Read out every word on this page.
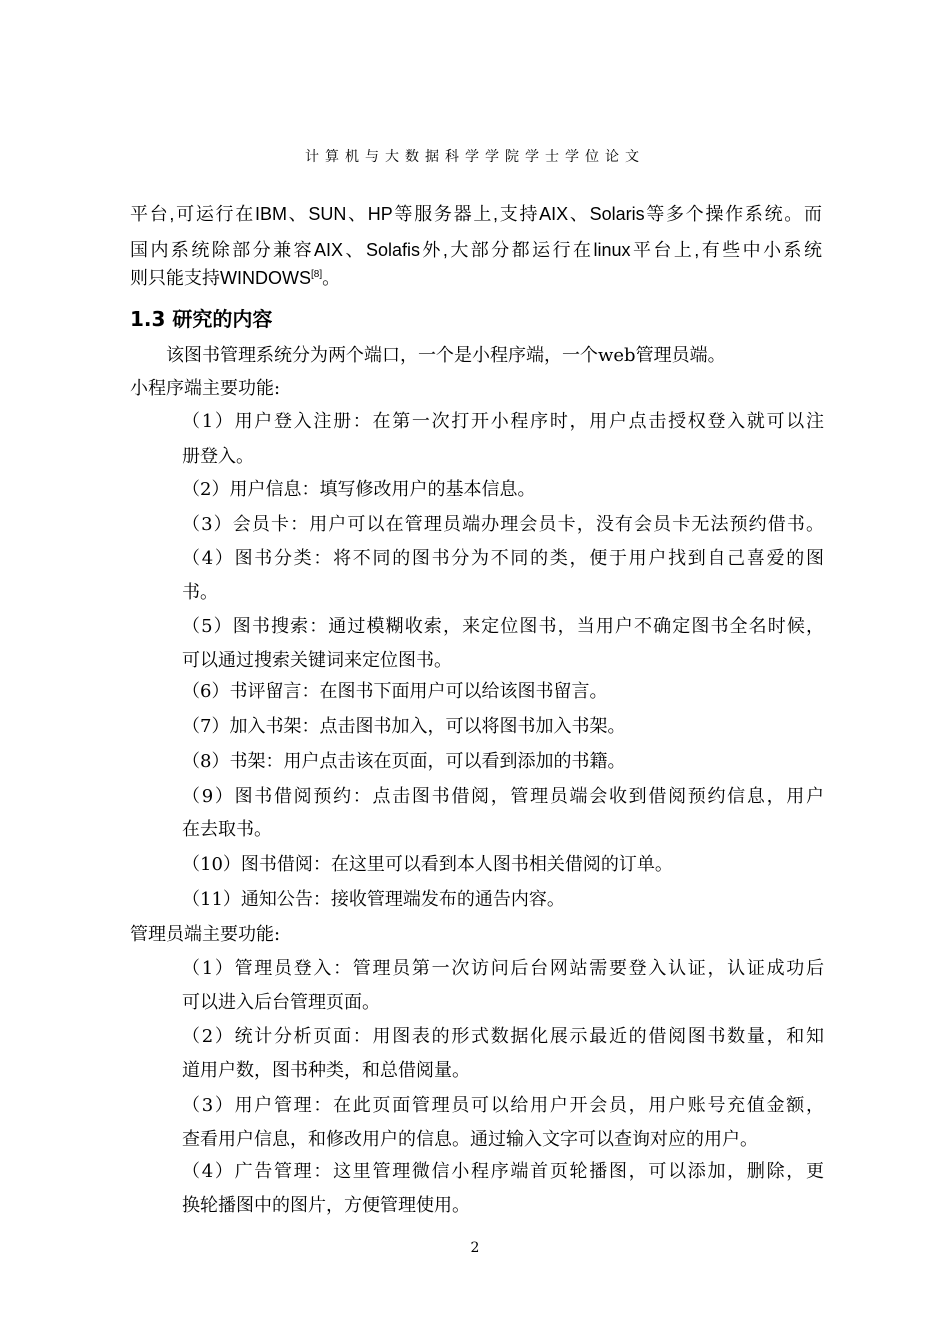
计算机与大数据科学学院学士学位论文
平台,可运行在IBM、SUN、HP等服务器上,支持AIX、Solaris等多个操作系统。而
国内系统除部分兼容AIX、Solafis外,大部分都运行在linux平台上,有些中小系统
则只能支持WINDOWS[8]。
1.3 研究的内容
该图书管理系统分为两个端口，一个是小程序端，一个web管理员端。
小程序端主要功能:
（1）用户登入注册：在第一次打开小程序时，用户点击授权登入就可以注
册登入。
（2）用户信息：填写修改用户的基本信息。
（3）会员卡：用户可以在管理员端办理会员卡，没有会员卡无法预约借书。
（4）图书分类：将不同的图书分为不同的类，便于用户找到自己喜爱的图
书。
（5）图书搜索：通过模糊收索，来定位图书，当用户不确定图书全名时候，
可以通过搜索关键词来定位图书。
（6）书评留言：在图书下面用户可以给该图书留言。
（7）加入书架：点击图书加入，可以将图书加入书架。
（8）书架：用户点击该在页面，可以看到添加的书籍。
（9）图书借阅预约：点击图书借阅，管理员端会收到借阅预约信息，用户
在去取书。
（10）图书借阅：在这里可以看到本人图书相关借阅的订单。
（11）通知公告：接收管理端发布的通告内容。
管理员端主要功能:
（1）管理员登入：管理员第一次访问后台网站需要登入认证，认证成功后
可以进入后台管理页面。
（2）统计分析页面：用图表的形式数据化展示最近的借阅图书数量，和知
道用户数，图书种类，和总借阅量。
（3）用户管理：在此页面管理员可以给用户开会员，用户账号充值金额，
查看用户信息，和修改用户的信息。通过输入文字可以查询对应的用户。
（4）广告管理：这里管理微信小程序端首页轮播图，可以添加，删除，更
换轮播图中的图片，方便管理使用。
2
